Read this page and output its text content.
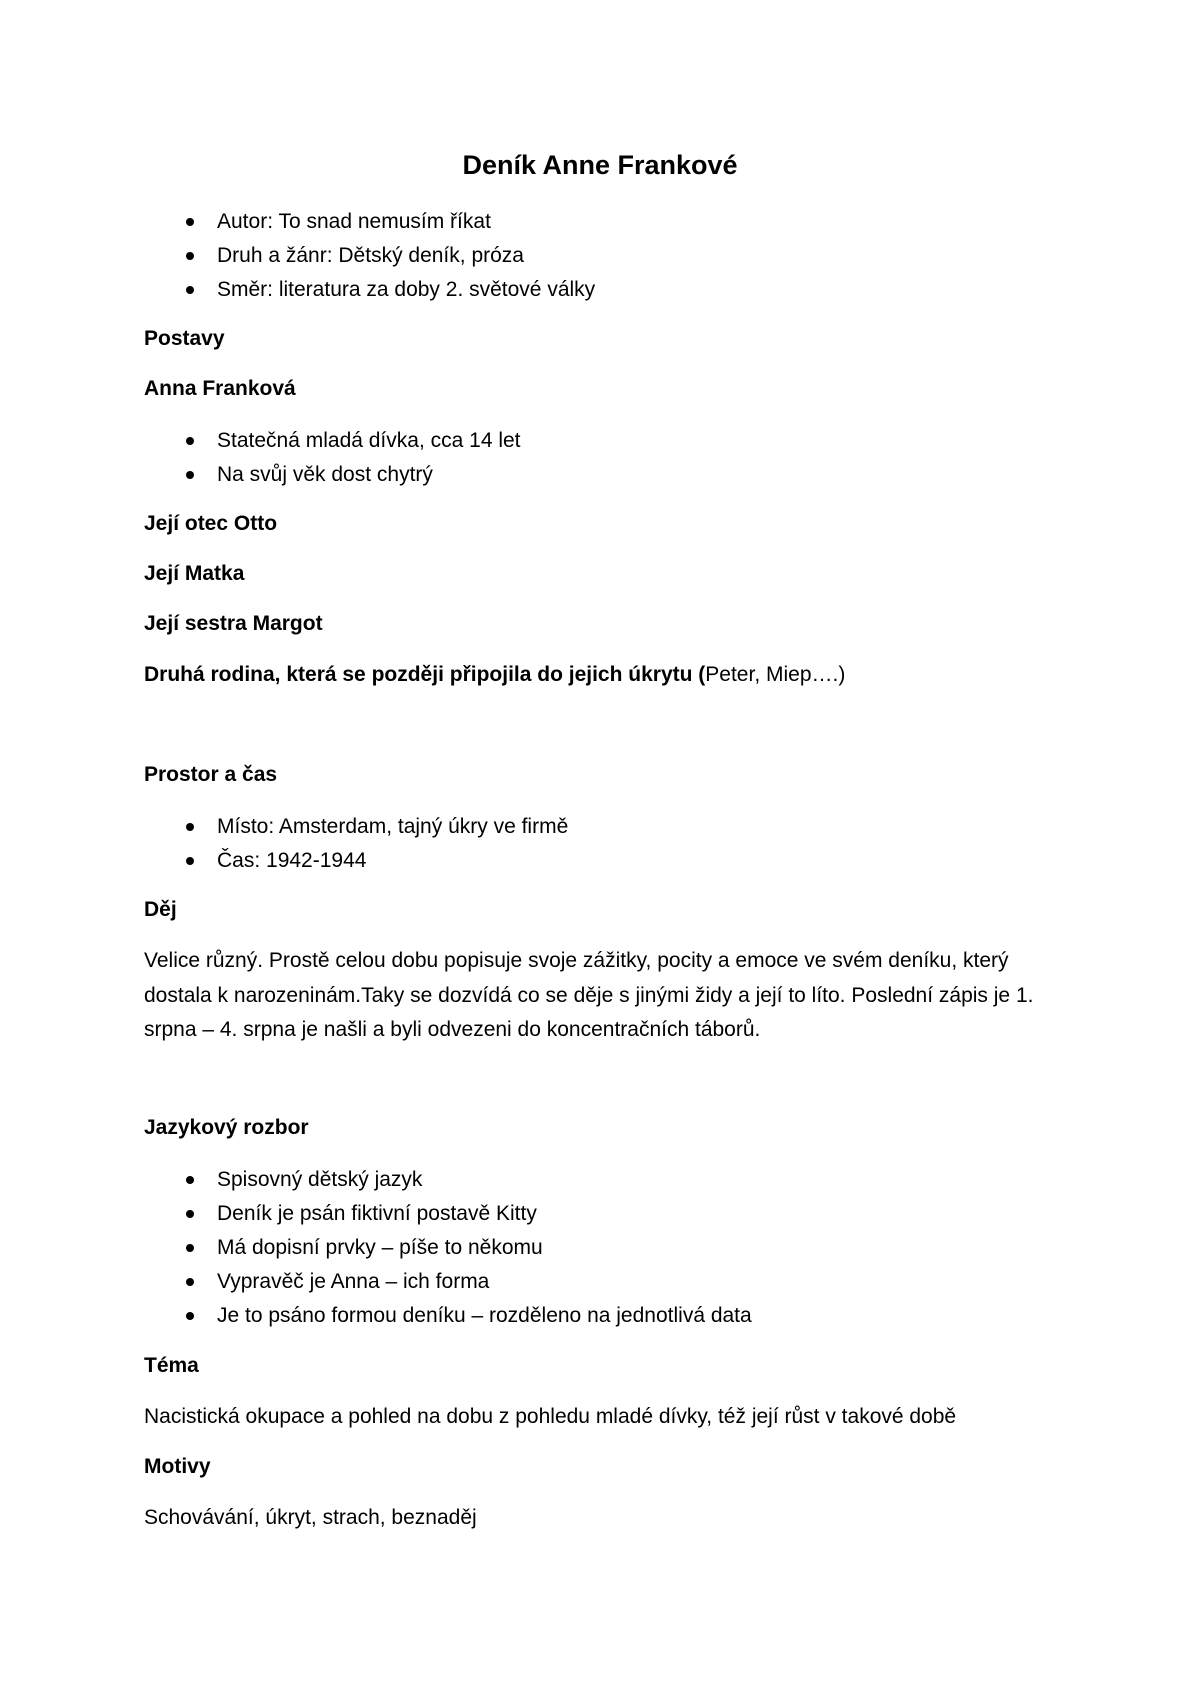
Deník Anne Frankové
Autor: To snad nemusím říkat
Druh a žánr: Dětský deník, próza
Směr: literatura za doby 2. světové války

Postavy

Anna Franková

Statečná mladá dívka, cca 14 let
Na svůj věk dost chytrý

Její otec Otto

Její Matka

Její sestra Margot

Druhá rodina, která se později připojila do jejich úkrytu (Peter, Miep….)

Prostor a čas

Místo: Amsterdam, tajný úkry ve firmě
Čas: 1942-1944

Děj

Velice různý. Prostě celou dobu popisuje svoje zážitky, pocity a emoce ve svém deníku, který
dostala k narozeninám.Taky se dozvídá co se děje s jinými židy a její to líto. Poslední zápis je 1.
srpna – 4. srpna je našli a byli odvezeni do koncentračních táborů.

Jazykový rozbor

Spisovný dětský jazyk
Deník je psán fiktivní postavě Kitty
Má dopisní prvky – píše to někomu
Vypravěč je Anna – ich forma
Je to psáno formou deníku – rozděleno na jednotlivá data

Téma

Nacistická okupace a pohled na dobu z pohledu mladé dívky, též její růst v takové době

Motivy

Schovávání, úkryt, strach, beznaděj
